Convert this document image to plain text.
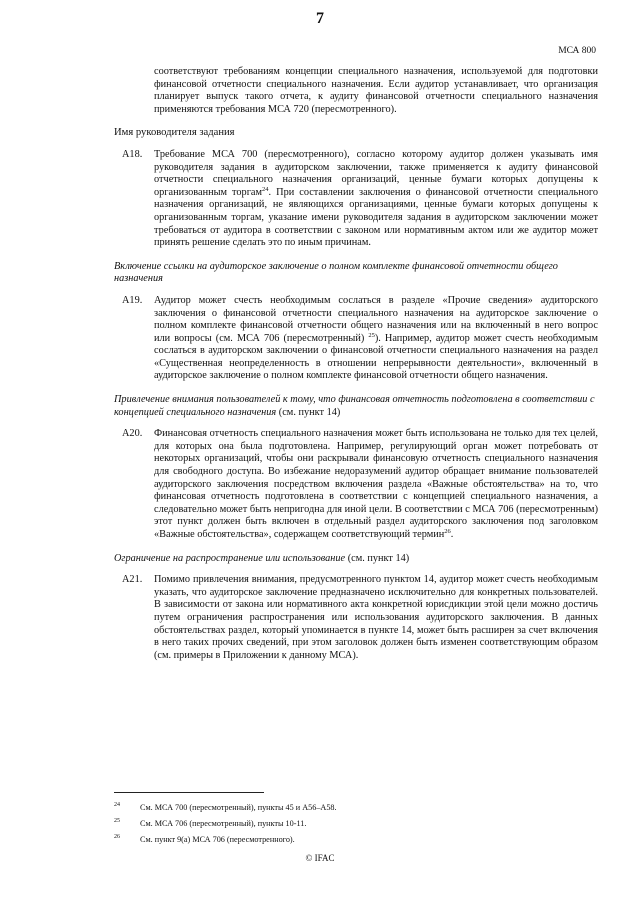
7
МСА 800

соответствуют требованиям концепции специального назначения, используемой для подготовки финансовой отчетности специального назначения. Если аудитор устанавливает, что организация планирует выпуск такого отчета, к аудиту финансовой отчетности специального назначения применяются требования МСА 720 (пересмотренного).

Имя руководителя задания

A18.	Требование МСА 700 (пересмотренного), согласно которому аудитор должен указывать имя руководителя задания в аудиторском заключении, также применяется к аудиту финансовой отчетности специального назначения организаций, ценные бумаги которых допущены к организованным торгам$^{24}$. При составлении заключения о финансовой отчетности специального назначения организаций, не являющихся организациями, ценные бумаги которых допущены к организованным торгам, указание имени руководителя задания в аудиторском заключении может требоваться от аудитора в соответствии с законом или нормативным актом или же аудитор может принять решение сделать это по иным причинам.

Включение ссылки на аудиторское заключение о полном комплекте финансовой отчетности общего назначения

A19.	Аудитор может счесть необходимым сослаться в разделе «Прочие сведения» аудиторского заключения о финансовой отчетности специального назначения на аудиторское заключение о полном комплекте финансовой отчетности общего назначения или на включенный в него вопрос или вопросы (см. МСА 706 (пересмотренный) $^{25}$). Например, аудитор может счесть необходимым сослаться в аудиторском заключении о финансовой отчетности специального назначения на раздел «Существенная неопределенность в отношении непрерывности деятельности», включенный в аудиторское заключение о полном комплекте финансовой отчетности общего назначения.

Привлечение внимания пользователей к тому, что финансовая отчетность подготовлена в соответствии с концепцией специального назначения (см. пункт 14)

A20.	Финансовая отчетность специального назначения может быть использована не только для тех целей, для которых она была подготовлена. Например, регулирующий орган может потребовать от некоторых организаций, чтобы они раскрывали финансовую отчетность специального назначения для свободного доступа. Во избежание недоразумений аудитор обращает внимание пользователей аудиторского заключения посредством включения раздела «Важные обстоятельства» на то, что финансовая отчетность подготовлена в соответствии с концепцией специального назначения, а следовательно может быть непригодна для иной цели. В соответствии с МСА 706 (пересмотренным) этот пункт должен быть включен в отдельный раздел аудиторского заключения под заголовком «Важные обстоятельства», содержащем соответствующий термин$^{26}$.

Ограничение на распространение или использование (см. пункт 14)

A21.	Помимо привлечения внимания, предусмотренного пунктом 14, аудитор может счесть необходимым указать, что аудиторское заключение предназначено исключительно для конкретных пользователей. В зависимости от закона или нормативного акта конкретной юрисдикции этой цели можно достичь путем ограничения распространения или использования аудиторского заключения. В данных обстоятельствах раздел, который упоминается в пункте 14, может быть расширен за счет включения в него таких прочих сведений, при этом заголовок должен быть изменен соответствующим образом (см. примеры в Приложении к данному МСА).
24	См. МСА 700 (пересмотренный), пункты 45 и А56–А58.
25	См. МСА 706 (пересмотренный), пункты 10-11.
26	См. пункт 9(а) МСА 706 (пересмотренного).
© IFAC
